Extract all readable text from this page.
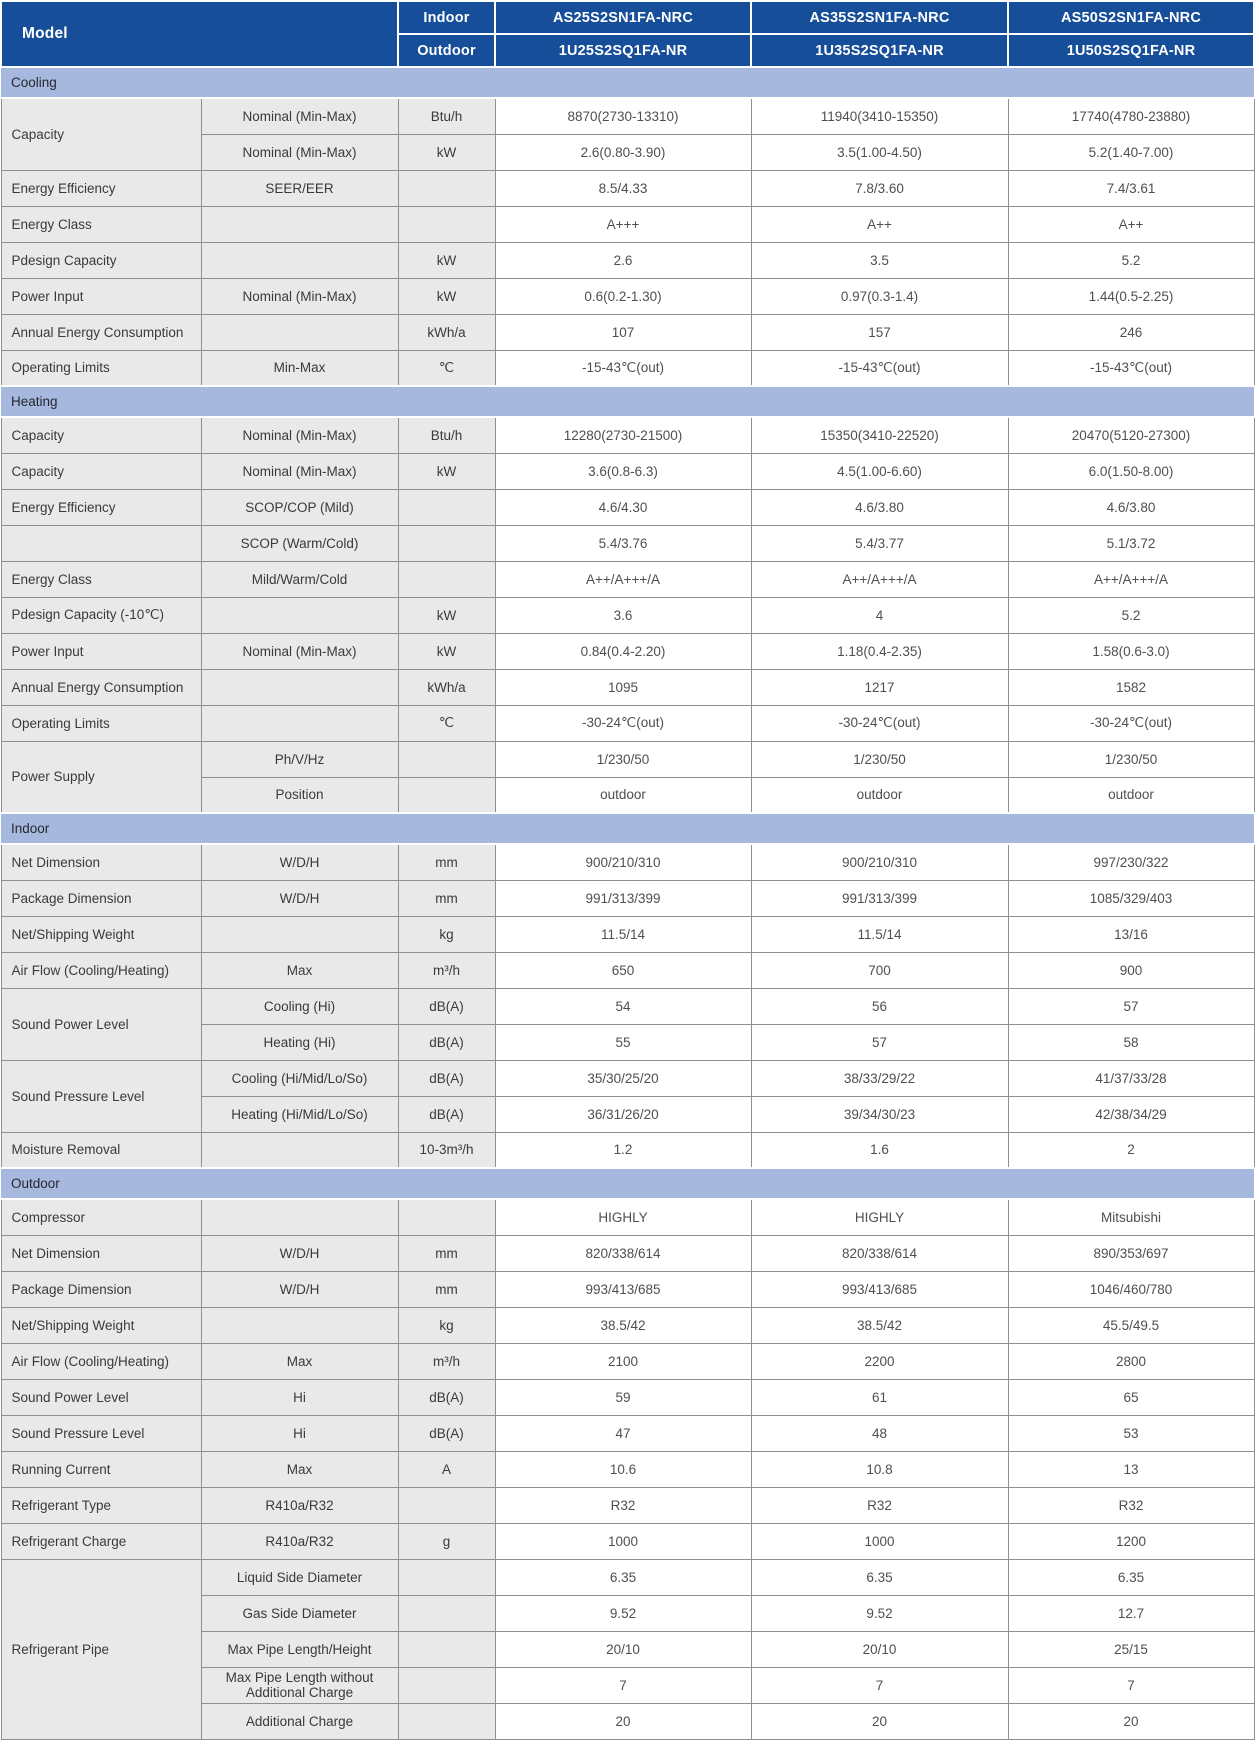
Model		Indoor	AS25S2SN1FA-NRC	AS35S2SN1FA-NRC	AS50S2SN1FA-NRC
		Outdoor	1U25S2SQ1FA-NR	1U35S2SQ1FA-NR	1U50S2SQ1FA-NR
Cooling					
Capacity	Nominal (Min-Max)	Btu/h	8870(2730-13310)	11940(3410-15350)	17740(4780-23880)
	Nominal (Min-Max)	kW	2.6(0.80-3.90)	3.5(1.00-4.50)	5.2(1.40-7.00)
Energy Efficiency	SEER/EER		8.5/4.33	7.8/3.60	7.4/3.61
Energy Class			A+++	A++	A++
Pdesign Capacity		kW	2.6	3.5	5.2
Power Input	Nominal (Min-Max)	kW	0.6(0.2-1.30)	0.97(0.3-1.4)	1.44(0.5-2.25)
Annual Energy Consumption		kWh/a	107	157	246
Operating Limits	Min-Max	℃	-15-43℃(out)	-15-43℃(out)	-15-43℃(out)
Heating					
Capacity	Nominal (Min-Max)	Btu/h	12280(2730-21500)	15350(3410-22520)	20470(5120-27300)
Capacity	Nominal (Min-Max)	kW	3.6(0.8-6.3)	4.5(1.00-6.60)	6.0(1.50-8.00)
Energy Efficiency	SCOP/COP (Mild)		4.6/4.30	4.6/3.80	4.6/3.80
	SCOP (Warm/Cold)		5.4/3.76	5.4/3.77	5.1/3.72
Energy Class	Mild/Warm/Cold		A++/A+++/A	A++/A+++/A	A++/A+++/A
Pdesign Capacity (-10℃)		kW	3.6	4	5.2
Power Input	Nominal (Min-Max)	kW	0.84(0.4-2.20)	1.18(0.4-2.35)	1.58(0.6-3.0)
Annual Energy Consumption		kWh/a	1095	1217	1582
Operating Limits		℃	-30-24℃(out)	-30-24℃(out)	-30-24℃(out)
Power Supply	Ph/V/Hz		1/230/50	1/230/50	1/230/50
	Position		outdoor	outdoor	outdoor
Indoor					
Net Dimension	W/D/H	mm	900/210/310	900/210/310	997/230/322
Package Dimension	W/D/H	mm	991/313/399	991/313/399	1085/329/403
Net/Shipping Weight		kg	11.5/14	11.5/14	13/16
Air Flow (Cooling/Heating)	Max	m³/h	650	700	900
Sound Power Level	Cooling (Hi)	dB(A)	54	56	57
	Heating (Hi)	dB(A)	55	57	58
Sound Pressure Level	Cooling (Hi/Mid/Lo/So)	dB(A)	35/30/25/20	38/33/29/22	41/37/33/28
	Heating (Hi/Mid/Lo/So)	dB(A)	36/31/26/20	39/34/30/23	42/38/34/29
Moisture Removal		10-3m³/h	1.2	1.6	2
Outdoor					
Compressor			HIGHLY	HIGHLY	Mitsubishi
Net Dimension	W/D/H	mm	820/338/614	820/338/614	890/353/697
Package Dimension	W/D/H	mm	993/413/685	993/413/685	1046/460/780
Net/Shipping Weight		kg	38.5/42	38.5/42	45.5/49.5
Air Flow (Cooling/Heating)	Max	m³/h	2100	2200	2800
Sound Power Level	Hi	dB(A)	59	61	65
Sound Pressure Level	Hi	dB(A)	47	48	53
Running Current	Max	A	10.6	10.8	13
Refrigerant Type	R410a/R32		R32	R32	R32
Refrigerant Charge	R410a/R32	g	1000	1000	1200
Refrigerant Pipe	Liquid Side Diameter		6.35	6.35	6.35
	Gas Side Diameter		9.52	9.52	12.7
	Max Pipe Length/Height		20/10	20/10	25/15
	Max Pipe Length without Additional Charge		7	7	7
	Additional Charge		20	20	20
